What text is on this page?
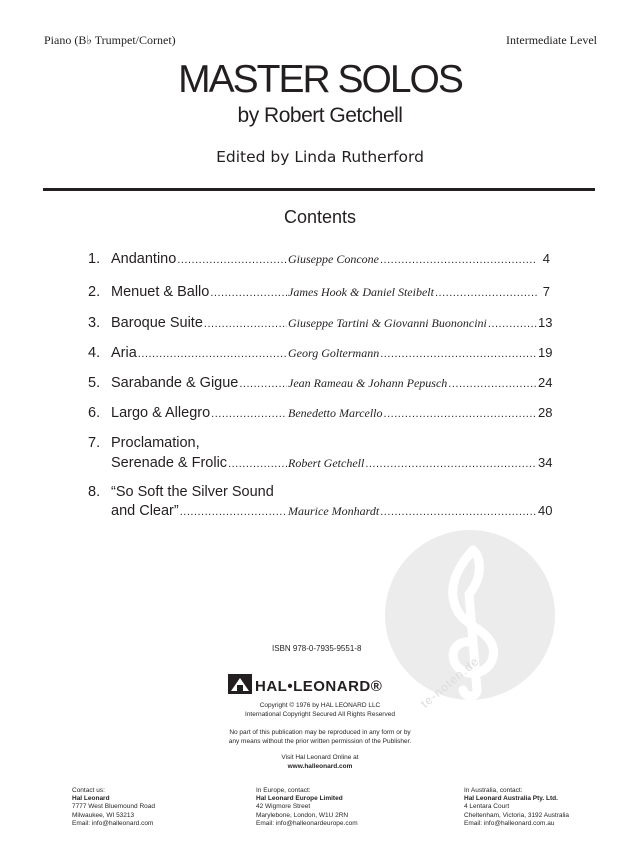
Piano (B♭ Trumpet/Cornet)	Intermediate Level
MASTER SOLOS
by Robert Getchell
Edited by Linda Rutherford
Contents
te-noten.de
1. Andantino .....	Giuseppe Concone .....	4
2. Menuet & Ballo .....	James Hook & Daniel Steibelt .....	7
3. Baroque Suite .....	Giuseppe Tartini & Giovanni Buononcini .....	13
4. Aria .....	Georg Goltermann .....	19
5. Sarabande & Gigue .....	Jean Rameau & Johann Pepusch .....	24
6. Largo & Allegro .....	Benedetto Marcello .....	28
7. Proclamation,
Serenade & Frolic .....	Robert Getchell .....	34
8. “So Soft the Silver Sound
and Clear” .....	Maurice Monhardt .....	40
ISBN 978-0-7935-9551-8
HAL•LEONARD®
Copyright © 1976 by HAL LEONARD LLC
International Copyright Secured All Rights Reserved
No part of this publication may be reproduced in any form or by
any means without the prior written permission of the Publisher.
Visit Hal Leonard Online at
www.halleonard.com
Contact us:
Hal Leonard
7777 West Bluemound Road
Milwaukee, WI 53213
Email: info@halleonard.com
In Europe, contact:
Hal Leonard Europe Limited
42 Wigmore Street
Marylebone, London, W1U 2RN
Email: info@halleonardeurope.com
In Australia, contact:
Hal Leonard Australia Pty. Ltd.
4 Lentara Court
Cheltenham, Victoria, 3192 Australia
Email: info@halleonard.com.au
